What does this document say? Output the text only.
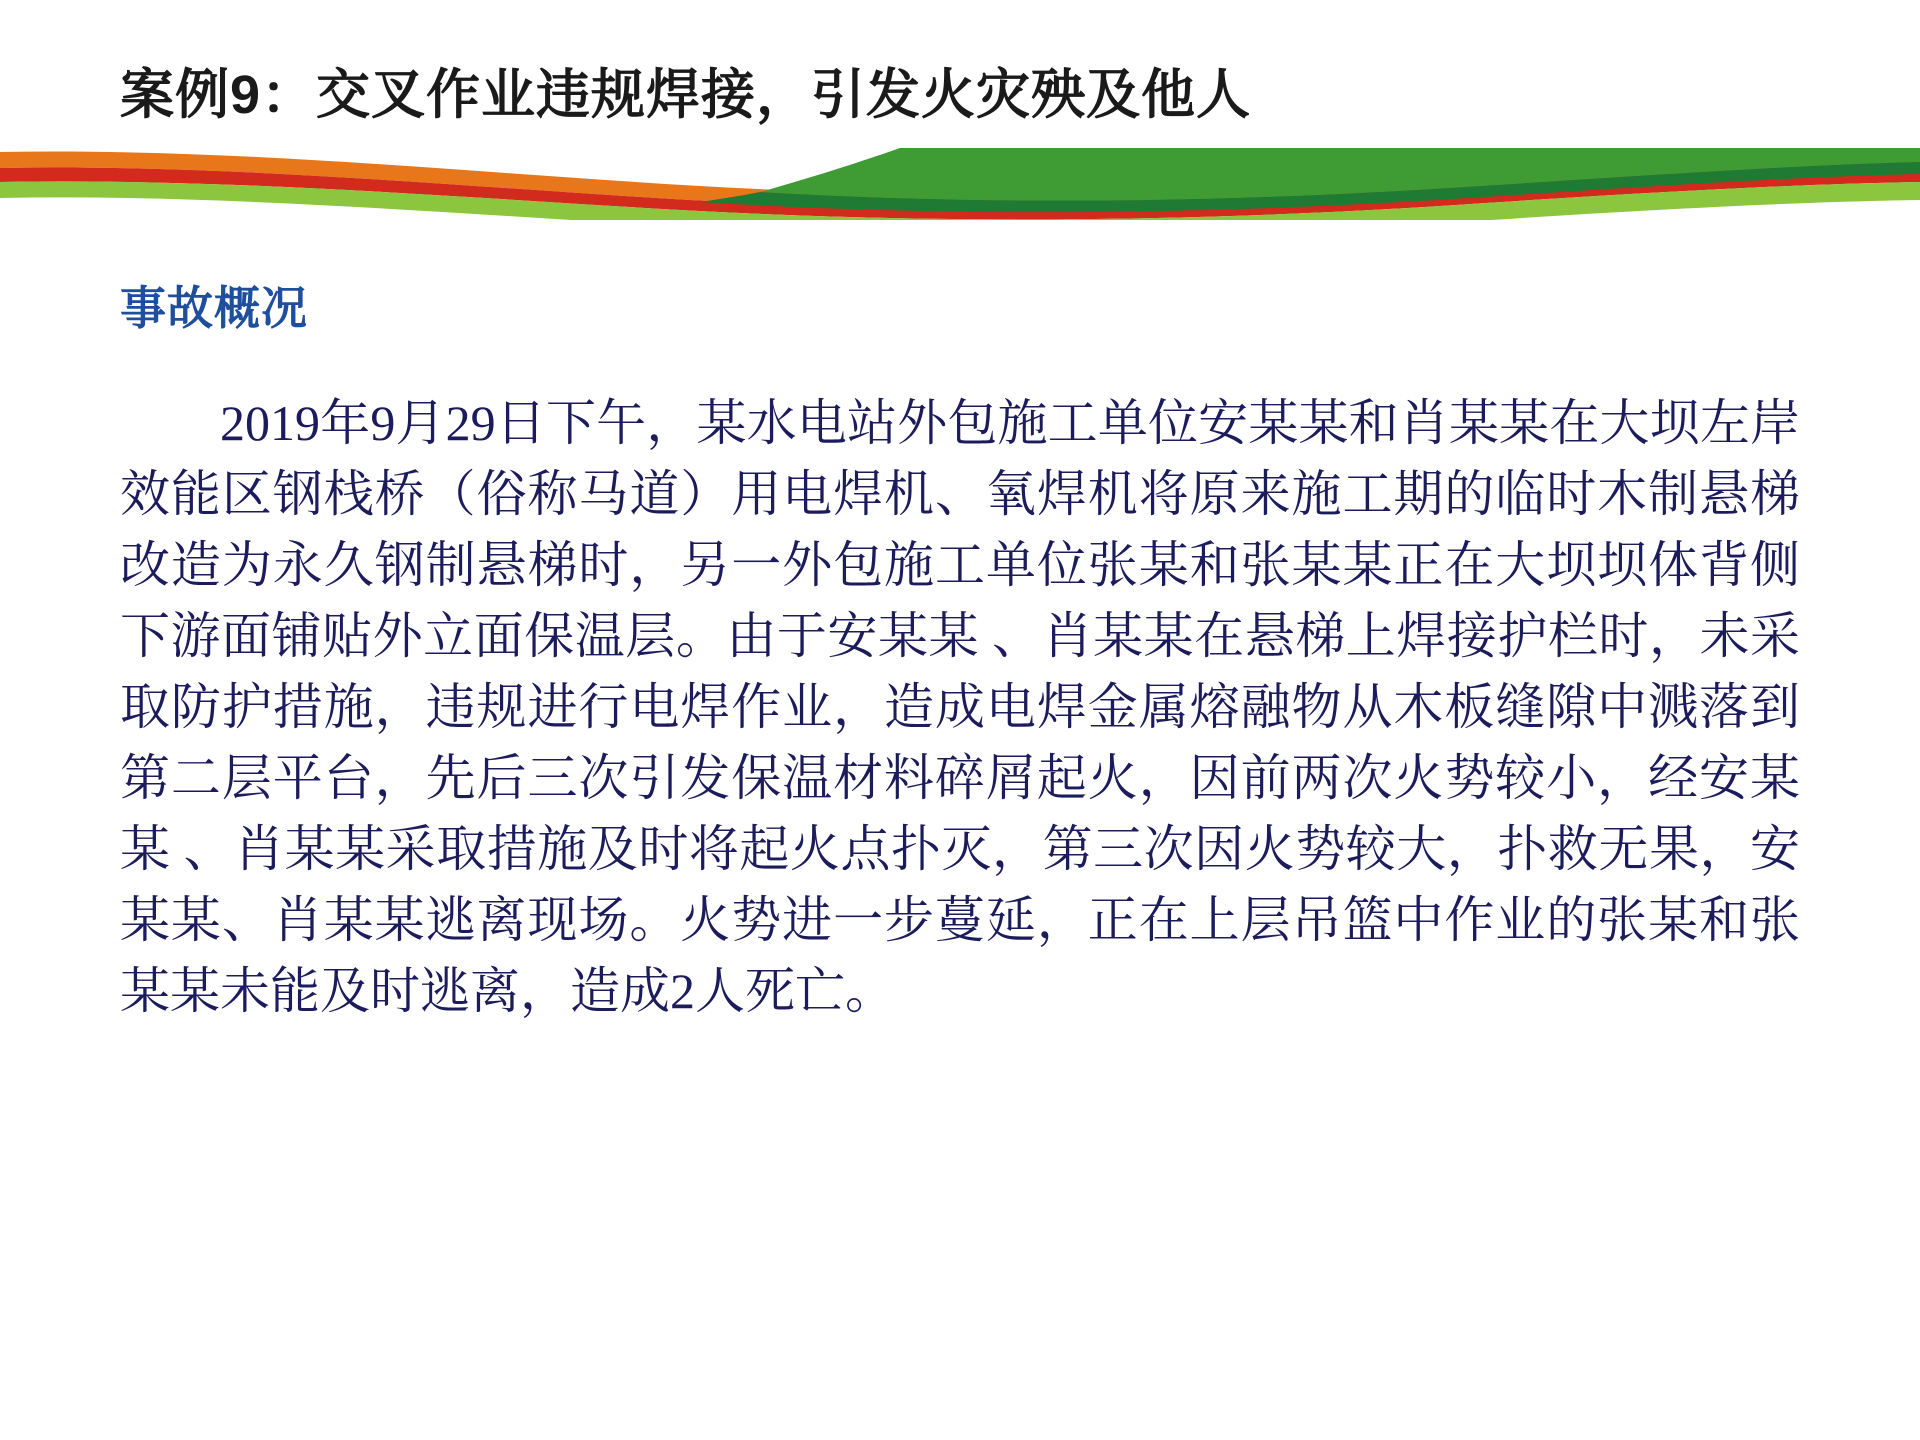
案例9：交叉作业违规焊接，引发火灾殃及他人
事故概况
2019年9月29日下午，某水电站外包施工单位安某某和肖某某在大坝左岸效能区钢栈桥（俗称马道）用电焊机、氧焊机将原来施工期的临时木制悬梯改造为永久钢制悬梯时，另一外包施工单位张某和张某某正在大坝坝体背侧下游面铺贴外立面保温层。由于安某某 、肖某某在悬梯上焊接护栏时，未采取防护措施，违规进行电焊作业，造成电焊金属熔融物从木板缝隙中溅落到第二层平台，先后三次引发保温材料碎屑起火，因前两次火势较小，经安某某 、肖某某采取措施及时将起火点扑灭，第三次因火势较大，扑救无果，安某某、肖某某逃离现场。火势进一步蔓延，正在上层吊篮中作业的张某和张某某未能及时逃离，造成2人死亡。
